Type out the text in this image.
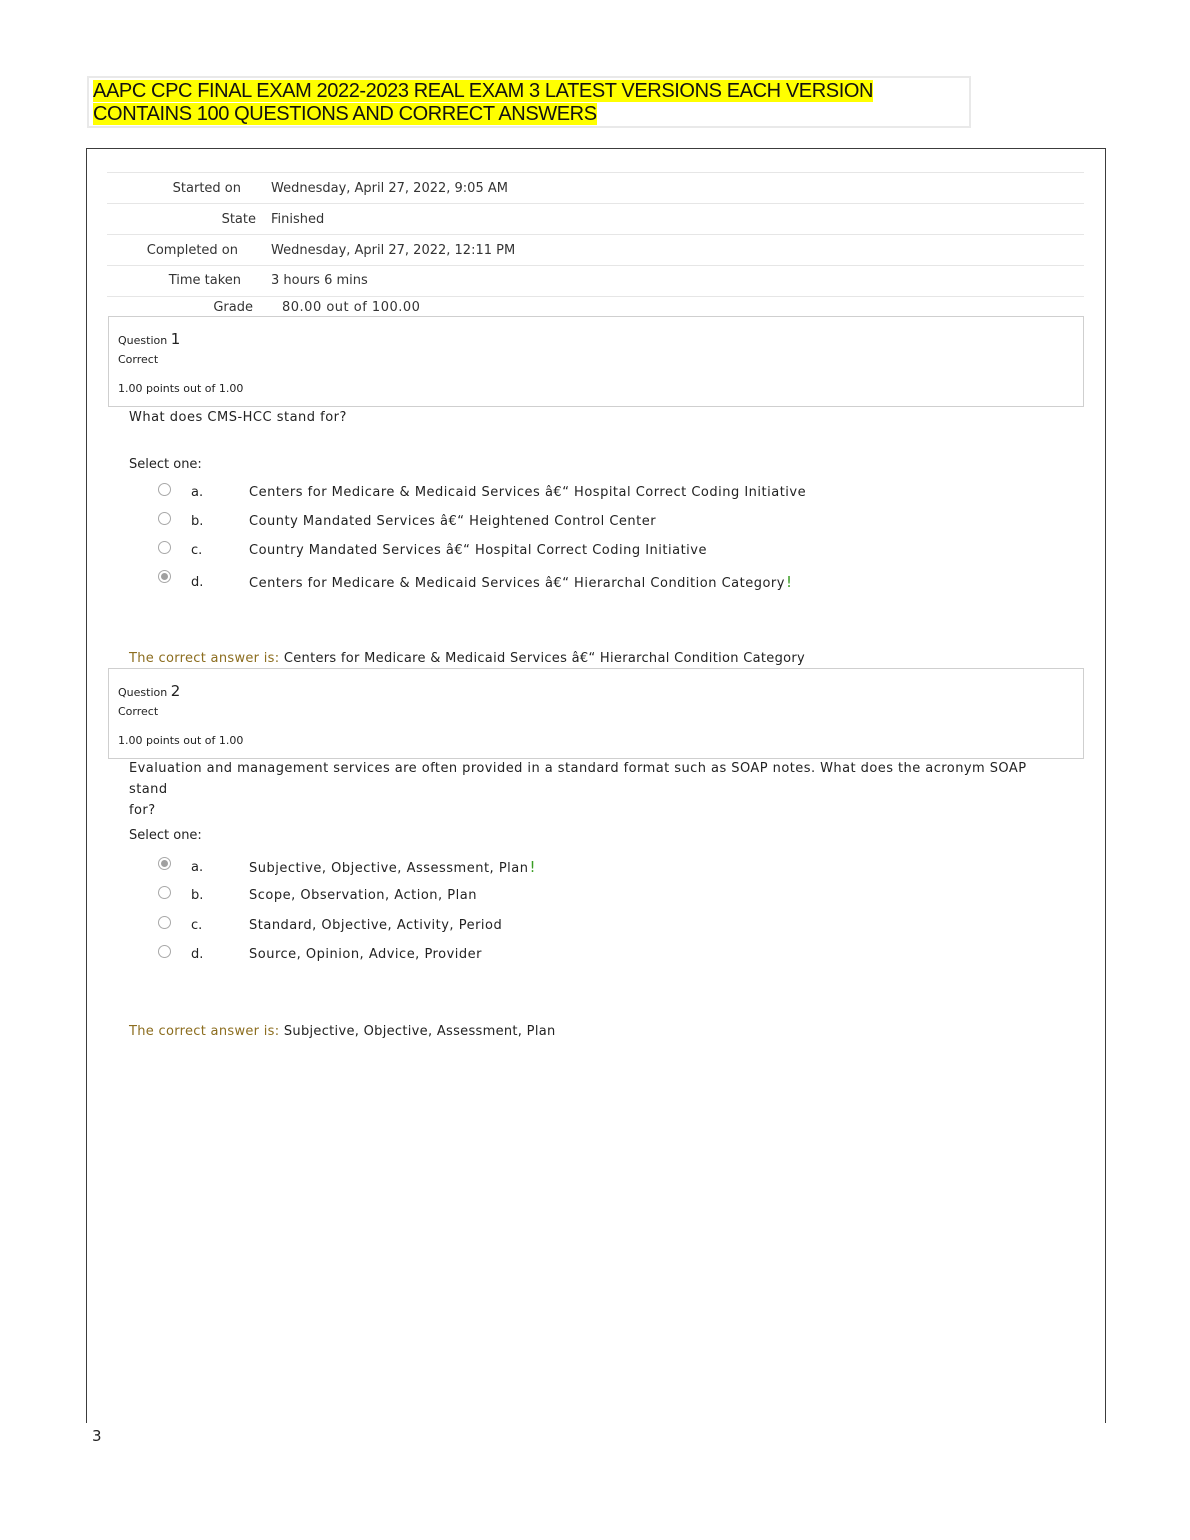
AAPC CPC FINAL EXAM 2022-2023 REAL EXAM 3 LATEST VERSIONS EACH VERSION
CONTAINS 100 QUESTIONS AND CORRECT ANSWERS
Started on Wednesday, April 27, 2022, 9:05 AM
State Finished
Completed on	Wednesday, April 27, 2022, 12:11 PM
Time taken 3 hours 6 mins
Grade 80.00 out of 100.00
Question 1
Correct
1.00 points out of 1.00
What does CMS-HCC stand for?
Select one:
a.	Centers for Medicare & Medicaid Services â€“ Hospital Correct Coding Initiative
b.	County Mandated Services â€“ Heightened Control Center
c.	Country Mandated Services â€“ Hospital Correct Coding Initiative
d.	Centers for Medicare & Medicaid Services â€“ Hierarchal Condition Category!
The correct answer is: Centers for Medicare & Medicaid Services â€“ Hierarchal Condition Category
Question 2
Correct
1.00 points out of 1.00
Evaluation and management services are often provided in a standard format such as SOAP notes. What does the acronym SOAP stand
for?
Select one:
a.	Subjective, Objective, Assessment, Plan!
b.	Scope, Observation, Action, Plan
c.	Standard, Objective, Activity, Period
d.	Source, Opinion, Advice, Provider
The correct answer is: Subjective, Objective, Assessment, Plan
3
